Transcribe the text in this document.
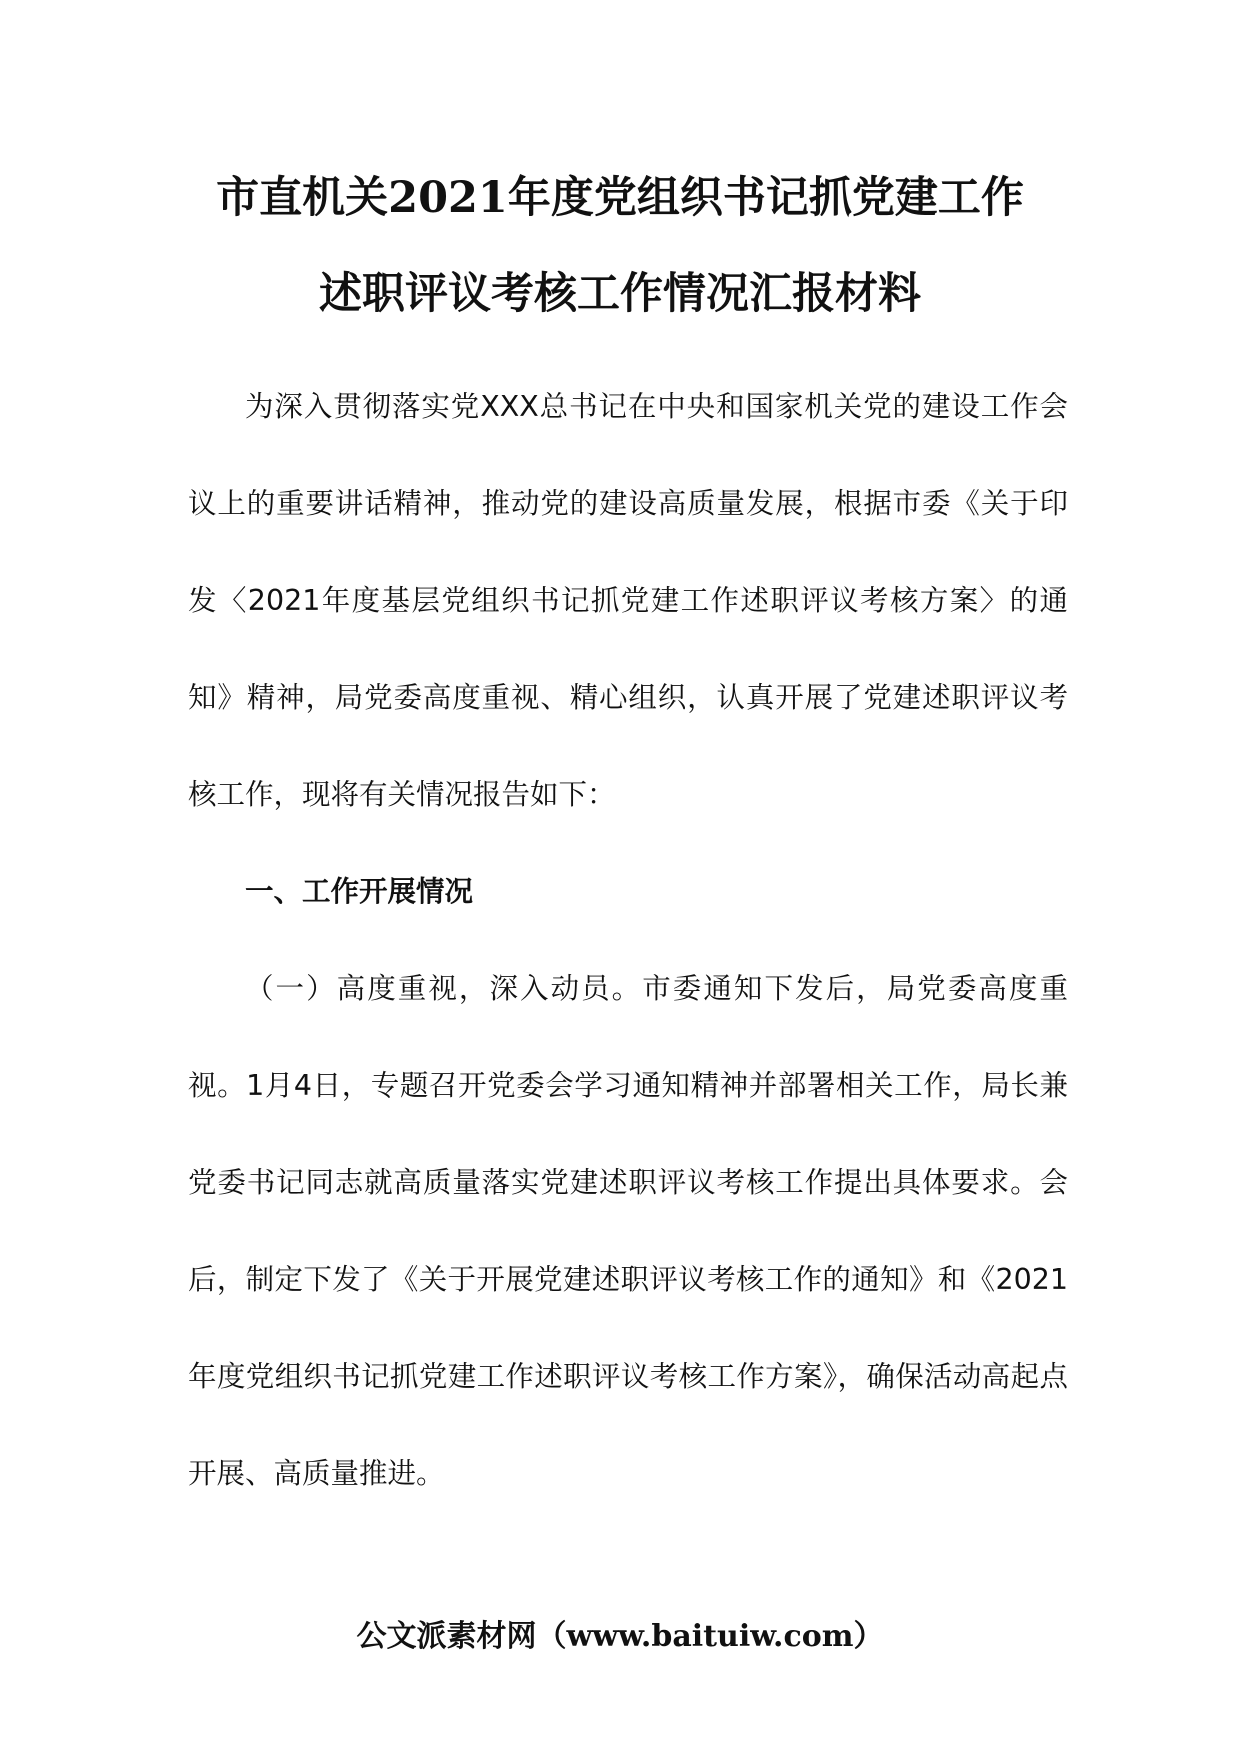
市直机关2021年度党组织书记抓党建工作
述职评议考核工作情况汇报材料

为深入贯彻落实党XXX总书记在中央和国家机关党的建设工作会议上的重要讲话精神，推动党的建设高质量发展，根据市委《关于印发〈2021年度基层党组织书记抓党建工作述职评议考核方案〉的通知》精神，局党委高度重视、精心组织，认真开展了党建述职评议考核工作，现将有关情况报告如下：

一、工作开展情况

（一）高度重视，深入动员。市委通知下发后，局党委高度重视。1月4日，专题召开党委会学习通知精神并部署相关工作，局长兼党委书记同志就高质量落实党建述职评议考核工作提出具体要求。会后，制定下发了《关于开展党建述职评议考核工作的通知》和《2021年度党组织书记抓党建工作述职评议考核工作方案》，确保活动高起点开展、高质量推进。

公文派素材网（www.baituiw.com）
